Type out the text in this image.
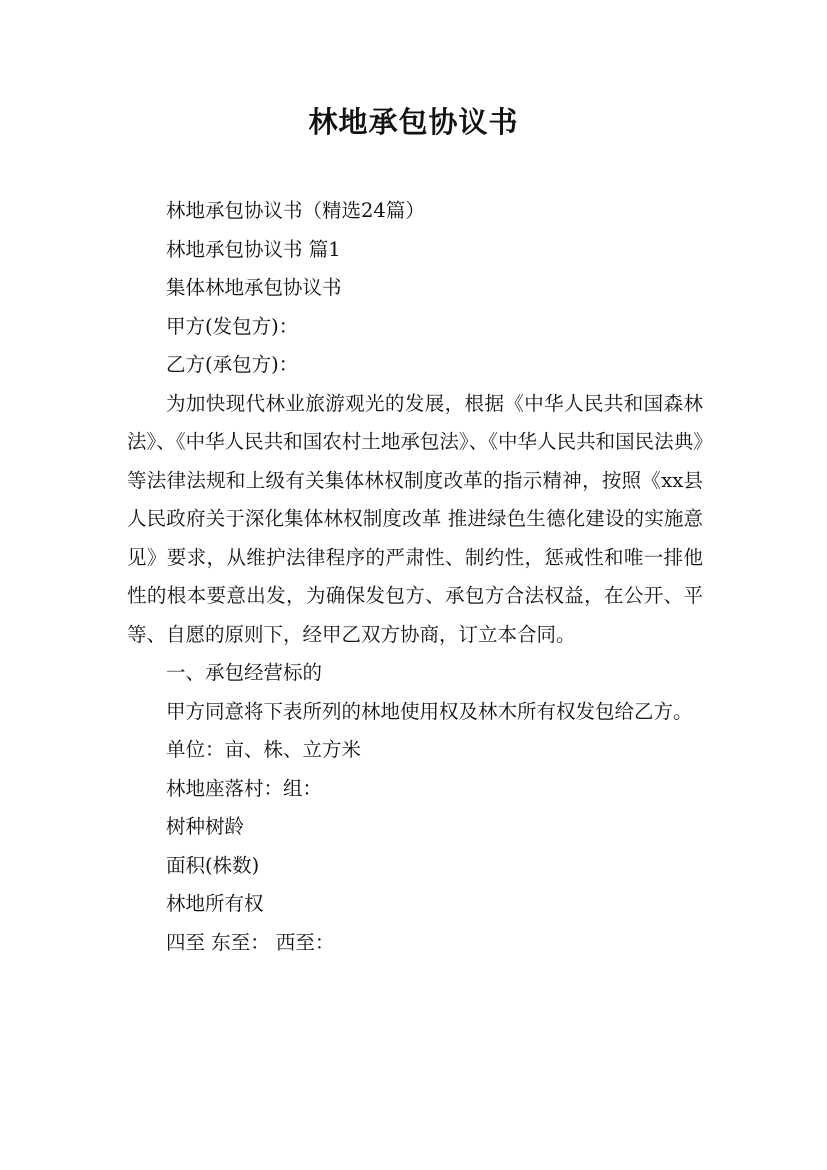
林地承包协议书

林地承包协议书（精选24篇）

林地承包协议书 篇1

集体林地承包协议书

甲方(发包方)：

乙方(承包方)：

为加快现代林业旅游观光的发展，根据《中华人民共和国森林法》、《中华人民共和国农村土地承包法》、《中华人民共和国民法典》等法律法规和上级有关集体林权制度改革的指示精神，按照《xx县人民政府关于深化集体林权制度改革 推进绿色生德化建设的实施意见》要求，从维护法律程序的严肃性、制约性，惩戒性和唯一排他性的根本要意出发，为确保发包方、承包方合法权益，在公开、平等、自愿的原则下，经甲乙双方协商，订立本合同。

一、承包经营标的

甲方同意将下表所列的林地使用权及林木所有权发包给乙方。

单位：亩、株、立方米

林地座落村：组：

树种树龄

面积(株数)

林地所有权

四至 东至： 西至：
